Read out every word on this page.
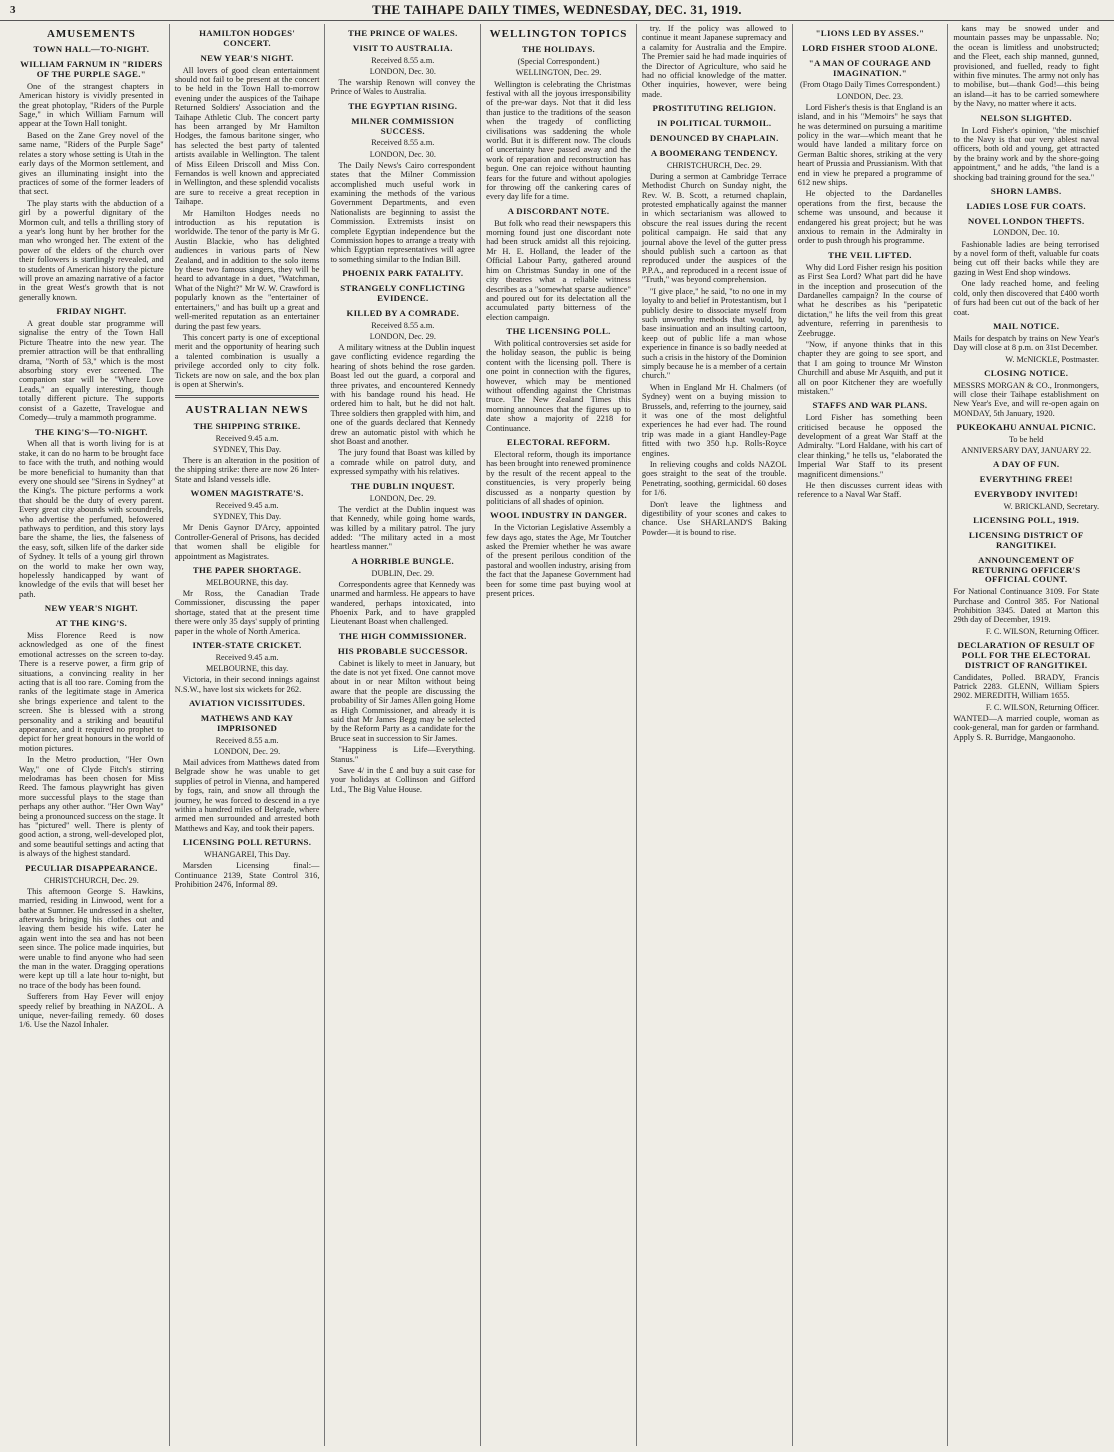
3	THE TAIHAPE DAILY TIMES, WEDNESDAY, DEC. 31, 1919.
AMUSEMENTS
TOWN HALL—TO-NIGHT.
WILLIAM FARNUM IN "RIDERS OF THE PURPLE SAGE."

One of the strangest chapters in American history is vividly presented in the great photoplay, "Riders of the Purple Sage," in which William Farnum will appear at the Town Hall tonight.

Based on the Zane Grey novel of the same name, "Riders of the Purple Sage" relates a story whose setting is Utah in the early days of the Mormon settlement, and gives an illuminating insight into the practices of some of the former leaders of that sect.

The play starts with the abduction of a girl by a powerful dignitary of the Mormon cult, and tells a thrilling story of a year's long hunt by her brother for the man who wronged her. The extent of the power of the elders of the church over their followers is startlingly revealed, and to students of American history the picture will prove an amazing narrative of a factor in the great West's growth that is not generally known.

FRIDAY NIGHT.

A great double star programme will signalise the entry of the Town Hall Picture Theatre into the new year. The premier attraction will be that enthralling drama, "North of 53," which is the most absorbing story ever screened. The companion star will be "Where Love Leads," an equally interesting, though totally different picture. The supports consist of a Gazette, Travelogue and Comedy—truly a mammoth programme.

THE KING'S—TO-NIGHT.

When all that is worth living for is at stake, it can do no harm to be brought face to face with the truth, and nothing would be more beneficial to humanity than that every one should see "Sirens in Sydney" at the King's. The picture performs a work that should be the duty of every parent. Every great city abounds with scoundrels, who advertise the perfumed, befowered pathways to perdition, and this story lays bare the shame, the lies, the falseness of the easy, soft, silken life of the darker side of Sydney. It tells of a young girl thrown on the world to make her own way, hopelessly handicapped by want of knowledge of the evils that will beset her path.

NEW YEAR'S NIGHT.
AT THE KING'S.

Miss Florence Reed is now acknowledged as one of the finest emotional actresses on the screen to-day. There is a reserve power, a firm grip of situations, a convincing reality in her acting that is all too rare. Coming from the ranks of the legitimate stage in America she brings experience and talent to the screen. She is blessed with a strong personality and a striking and beautiful appearance, and it required no prophet to depict for her great honours in the world of motion pictures.

In the Metro production, "Her Own Way," one of Clyde Fitch's stirring melodramas has been chosen for Miss Reed. The famous playwright has given more successful plays to the stage than perhaps any other author. "Her Own Way" being a pronounced success on the stage. It has "pictured" well. There is plenty of good action, a strong, well-developed plot, and some beautiful settings and acting that is always of the highest standard.

PECULIAR DISAPPEARANCE.
CHRISTCHURCH, Dec. 29.

This afternoon George S. Hawkins, married, residing in Linwood, went for a bathe at Sumner. He undressed in a shelter, afterwards bringing his clothes out and leaving them beside his wife. Later he again went into the sea and has not been seen since. The police made inquiries, but were unable to find anyone who had seen the man in the water. Dragging operations were kept up till a late hour to-night, but no trace of the body has been found.

Sufferers from Hay Fever will enjoy speedy relief by breathing in NAZOL. A unique, never-failing remedy. 60 doses 1/6. Use the Nazol Inhaler.

HAMILTON HODGES' CONCERT.
NEW YEAR'S NIGHT.

All lovers of good clean entertainment should not fail to be present at the concert to be held in the Town Hall to-morrow evening under the auspices of the Taihape Returned Soldiers' Association and the Taihape Athletic Club. The concert party has been arranged by Mr Hamilton Hodges, the famous baritone singer, who has selected the best party of talented artists available in Wellington. The talent of Miss Eileen Driscoll and Miss Con. Fernandos is well known and appreciated in Wellington, and these splendid vocalists are sure to receive a great reception in Taihape.

Mr Hamilton Hodges needs no introduction as his reputation is worldwide. The tenor of the party is Mr G. Austin Blackie, who has delighted audiences in various parts of New Zealand, and in addition to the solo items by these two famous singers, they will be heard to advantage in a duet, "Watchman, What of the Night?" Mr W. W. Crawford is popularly known as the "entertainer of entertainers," and has built up a great and well-merited reputation as an entertainer during the past few years.

This concert party is one of exceptional merit and the opportunity of hearing such a talented combination is usually a privilege accorded only to city folk. Tickets are now on sale, and the box plan is open at Sherwin's.

AUSTRALIAN NEWS
THE SHIPPING STRIKE.
Received 9.45 a.m.
SYDNEY, This Day.

There is an alteration in the position of the shipping strike: there are now 26 Inter-State and Island vessels idle.

WOMEN MAGISTRATE'S.
Received 9.45 a.m.
SYDNEY, This Day.

Mr Denis Gaynor D'Arcy, appointed Controller-General of Prisons, has decided that women shall be eligible for appointment as Magistrates.

THE PAPER SHORTAGE.
MELBOURNE, this day.

Mr Ross, the Canadian Trade Commissioner, discussing the paper shortage, stated that at the present time there were only 35 days' supply of printing paper in the whole of North America.

INTER-STATE CRICKET.
Received 9.45 a.m.
MELBOURNE, this day.

Victoria, in their second innings against N.S.W., have lost six wickets for 262.

AVIATION VICISSITUDES.
MATHEWS AND KAY IMPRISONED
Received 8.55 a.m.
LONDON, Dec. 29.

Mail advices from Matthews dated from Belgrade show he was unable to get supplies of petrol in Vienna, and hampered by fogs, rain, and snow all through the journey, he was forced to descend in a rye within a hundred miles of Belgrade, where armed men surrounded and arrested both Matthews and Kay, and took their papers.

LICENSING POLL RETURNS.
WHANGAREI, This Day.

Marsden Licensing final:— Continuance 2139, State Control 316, Prohibition 2476, Informal 89.

THE PRINCE OF WALES.
VISIT TO AUSTRALIA.
Received 8.55 a.m.
LONDON, Dec. 30.

The warship Renown will convey the Prince of Wales to Australia.

THE EGYPTIAN RISING.
MILNER COMMISSION SUCCESS.
Received 8.55 a.m.
LONDON, Dec. 30.

The Daily News's Cairo correspondent states that the Milner Commission accomplished much useful work in examining the methods of the various Government Departments, and even Nationalists are beginning to assist the Commission. Extremists insist on complete Egyptian independence but the Commission hopes to arrange a treaty with which Egyptian representatives will agree to something similar to the Indian Bill.

PHOENIX PARK FATALITY.
STRANGELY CONFLICTING EVIDENCE.
KILLED BY A COMRADE.
Received 8.55 a.m.
LONDON, Dec. 29.

A military witness at the Dublin inquest gave conflicting evidence regarding the hearing of shots behind the rose garden. Boast led out the guard, a corporal and three privates, and encountered Kennedy with his bandage round his head. He ordered him to halt, but he did not halt. Three soldiers then grappled with him, and one of the guards declared that Kennedy drew an automatic pistol with which he shot Boast and another.

The jury found that Boast was killed by a comrade while on patrol duty, and expressed sympathy with his relatives.

THE DUBLIN INQUEST.
LONDON, Dec. 29.

The verdict at the Dublin inquest was that Kennedy, while going home wards, was killed by a military patrol. The jury added: "The military acted in a most heartless manner."

A HORRIBLE BUNGLE.
DUBLIN, Dec. 29.

Correspondents agree that Kennedy was unarmed and harmless. He appears to have wandered, perhaps intoxicated, into Phoenix Park, and to have grappled Lieutenant Boast when challenged.

THE HIGH COMMISSIONER.
HIS PROBABLE SUCCESSOR.

Cabinet is likely to meet in January, but the date is not yet fixed. One cannot move about in or near Milton without being aware that the people are discussing the probability of Sir James Allen going Home as High Commissioner, and already it is said that Mr James Begg may be selected by the Reform Party as a candidate for the Bruce seat in succession to Sir James.

"Happiness is Life—Everything. Stanus."

Save 4/ in the £ and buy a suit case for your holidays at Collinson and Gifford Ltd., The Big Value House.

WELLINGTON TOPICS
THE HOLIDAYS.
(Special Correspondent.)
WELLINGTON, Dec. 29.

Wellington is celebrating the Christmas festival with all the joyous irresponsibility of the pre-war days. Not that it did less than justice to the traditions of the season when the tragedy of conflicting civilisations was saddening the whole world. But it is different now. The clouds of uncertainty have passed away and the work of reparation and reconstruction has begun. One can rejoice without haunting fears for the future and without apologies for throwing off the cankering cares of every day life for a time.

A DISCORDANT NOTE.

But folk who read their newspapers this morning found just one discordant note had been struck amidst all this rejoicing. Mr H. E. Holland, the leader of the Official Labour Party, gathered around him on Christmas Sunday in one of the city theatres what a reliable witness describes as a "somewhat sparse audience" and poured out for its delectation all the accumulated party bitterness of the election campaign.

THE LICENSING POLL.

With political controversies set aside for the holiday season, the public is being content with the licensing poll. There is one point in connection with the figures, however, which may be mentioned without offending against the Christmas truce. The New Zealand Times this morning announces that the figures up to date show a majority of 2218 for Continuance.

ELECTORAL REFORM.

Electoral reform, though its importance has been brought into renewed prominence by the result of the recent appeal to the constituencies, is very properly being discussed as a nonparty question by politicians of all shades of opinion.

WOOL INDUSTRY IN DANGER.

In the Victorian Legislative Assembly a few days ago, states the Age, Mr Toutcher asked the Premier whether he was aware of the present perilous condition of the pastoral and woollen industry, arising from the fact that the Japanese Government had been for some time past buying wool at present prices.

try. If the policy was allowed to continue it meant Japanese supremacy and a calamity for Australia and the Empire. The Premier said he had made inquiries of the Director of Agriculture, who said he had no official knowledge of the matter. Other inquiries, however, were being made.

PROSTITUTING RELIGION.
IN POLITICAL TURMOIL.
DENOUNCED BY CHAPLAIN.
A BOOMERANG TENDENCY.
CHRISTCHURCH, Dec. 29.

During a sermon at Cambridge Terrace Methodist Church on Sunday night, the Rev. W. B. Scott, a returned chaplain, protested emphatically against the manner in which sectarianism was allowed to obscure the real issues during the recent political campaign. He said that any journal above the level of the gutter press should publish such a cartoon as that reproduced under the auspices of the P.P.A., and reproduced in a recent issue of "Truth," was beyond comprehension.

"I give place," he said, "to no one in my loyalty to and belief in Protestantism, but I publicly desire to dissociate myself from such unworthy methods that would, by base insinuation and an insulting cartoon, keep out of public life a man whose experience in finance is so badly needed at such a crisis in the history of the Dominion simply because he is a member of a certain church."

When in England Mr H. Chalmers (of Sydney) went on a buying mission to Brussels, and, referring to the journey, said it was one of the most delightful experiences he had ever had. The round trip was made in a giant Handley-Page fitted with two 350 h.p. Rolls-Royce engines.

In relieving coughs and colds NAZOL goes straight to the seat of the trouble. Penetrating, soothing, germicidal. 60 doses for 1/6.

Don't leave the lightness and digestibility of your scones and cakes to chance. Use SHARLAND'S Baking Powder—it is bound to rise.

"LIONS LED BY ASSES."
LORD FISHER STOOD ALONE.
"A MAN OF COURAGE AND IMAGINATION."
(From Otago Daily Times Correspondent.)
LONDON, Dec. 23.

Lord Fisher's thesis is that England is an island, and in his "Memoirs" he says that he was determined on pursuing a maritime policy in the war—which meant that he would have landed a military force on German Baltic shores, striking at the very heart of Prussia and Prussianism. With that end in view he prepared a programme of 612 new ships.

He objected to the Dardanelles operations from the first, because the scheme was unsound, and because it endangered his great project; but he was anxious to remain in the Admiralty in order to push through his programme.

THE VEIL LIFTED.

Why did Lord Fisher resign his position as First Sea Lord? What part did he have in the inception and prosecution of the Dardanelles campaign? In the course of what he describes as his "peripatetic dictation," he lifts the veil from this great adventure, referring in parenthesis to Zeebrugge.

"Now, if anyone thinks that in this chapter they are going to see sport, and that I am going to trounce Mr Winston Churchill and abuse Mr Asquith, and put it all on poor Kitchener they are woefully mistaken."

STAFFS AND WAR PLANS.

Lord Fisher has something been criticised because he opposed the development of a great War Staff at the Admiralty. "Lord Haldane, with his cart of clear thinking," he tells us, "elaborated the Imperial War Staff to its present magnificent dimensions."

He then discusses current ideas with reference to a Naval War Staff.

kans may be snowed under and mountain passes may be unpassable. No; the ocean is limitless and unobstructed; and the Fleet, each ship manned, gunned, provisioned, and fuelled, ready to fight within five minutes. The army not only has to mobilise, but—thank God!—this being an island—it has to be carried somewhere by the Navy, no matter where it acts.

NELSON SLIGHTED.

In Lord Fisher's opinion, "the mischief to the Navy is that our very ablest naval officers, both old and young, get attracted by the brainy work and by the shore-going appointment," and he adds, "the land is a shocking bad training ground for the sea."

SHORN LAMBS.
LADIES LOSE FUR COATS.
NOVEL LONDON THEFTS.
LONDON, Dec. 10.

Fashionable ladies are being terrorised by a novel form of theft, valuable fur coats being cut off their backs while they are gazing in West End shop windows.

One lady reached home, and feeling cold, only then discovered that £400 worth of furs had been cut out of the back of her coat.

MAIL NOTICE.

Mails for despatch by trains on New Year's Day will close at 8 p.m. on 31st December.

W. McNICKLE, Postmaster.
CLOSING NOTICE.

MESSRS MORGAN & CO., Ironmongers, will close their Taihape establishment on New Year's Eve, and will re-open again on MONDAY, 5th January, 1920.

PUKEOKAHU ANNUAL PICNIC.
To be held
ANNIVERSARY DAY, JANUARY 22.
A DAY OF FUN.
EVERYTHING FREE!
EVERYBODY INVITED!
W. BRICKLAND, Secretary.
LICENSING POLL, 1919.
LICENSING DISTRICT OF RANGITIKEI.
ANNOUNCEMENT OF RETURNING OFFICER'S OFFICIAL COUNT.

For National Continuance 3109. For State Purchase and Control 385. For National Prohibition 3345. Dated at Marton this 29th day of December, 1919.

F. C. WILSON, Returning Officer.
DECLARATION OF RESULT OF POLL FOR THE ELECTORAL DISTRICT OF RANGITIKEI.

Candidates, Polled. BRADY, Francis Patrick 2283. GLENN, William Spiers 2902. MEREDITH, William 1655.

F. C. WILSON, Returning Officer.

WANTED—A married couple, woman as cook-general, man for garden or farmhand. Apply S. R. Burridge, Mangaonoho.
